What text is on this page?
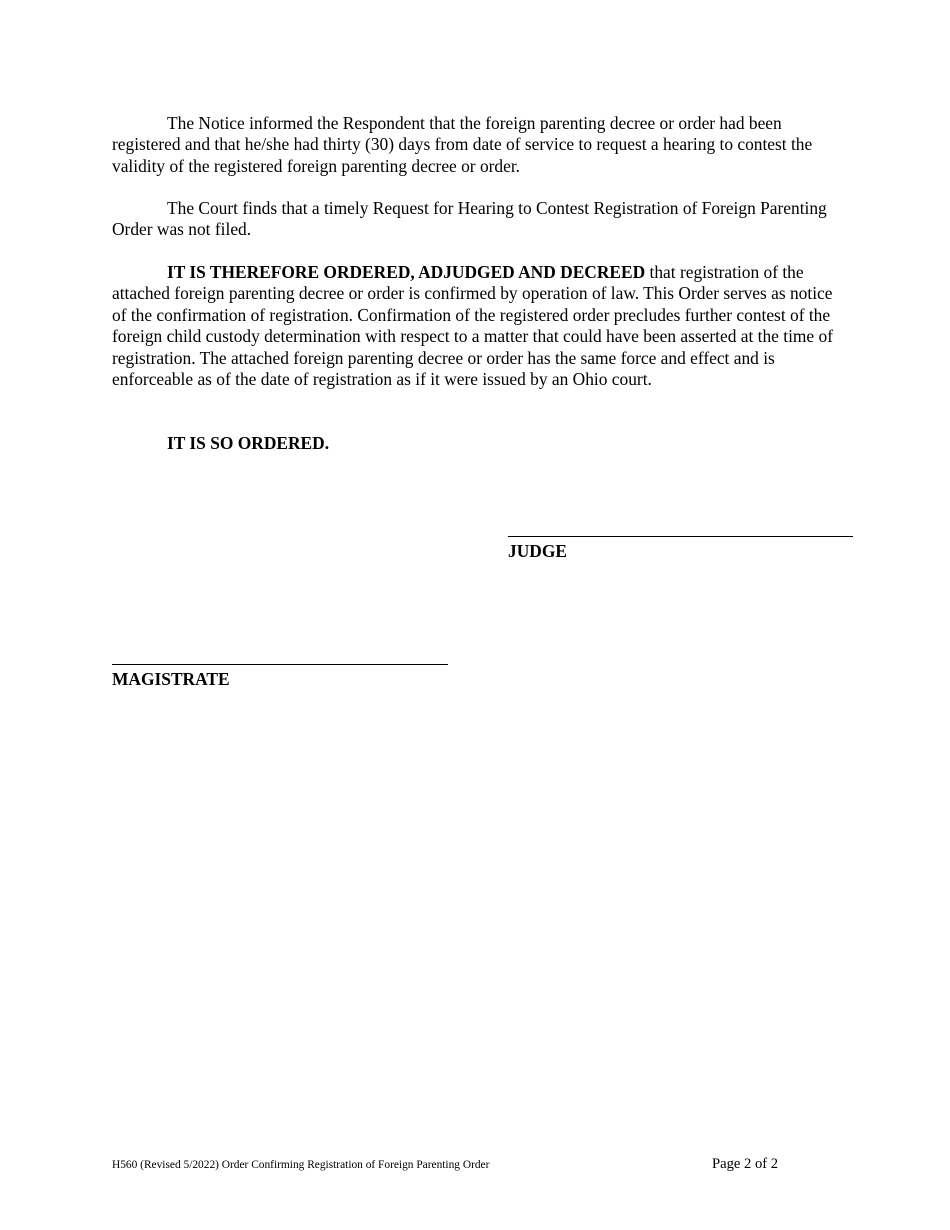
The Notice informed the Respondent that the foreign parenting decree or order had been registered and that he/she had thirty (30) days from date of service to request a hearing to contest the validity of the registered foreign parenting decree or order.

The Court finds that a timely Request for Hearing to Contest Registration of Foreign Parenting Order was not filed.

IT IS THEREFORE ORDERED, ADJUDGED AND DECREED that registration of the attached foreign parenting decree or order is confirmed by operation of law. This Order serves as notice of the confirmation of registration. Confirmation of the registered order precludes further contest of the foreign child custody determination with respect to a matter that could have been asserted at the time of registration. The attached foreign parenting decree or order has the same force and effect and is enforceable as of the date of registration as if it were issued by an Ohio court.

IT IS SO ORDERED.

JUDGE
MAGISTRATE
H560 (Revised 5/2022) Order Confirming Registration of Foreign Parenting Order	Page 2 of 2
